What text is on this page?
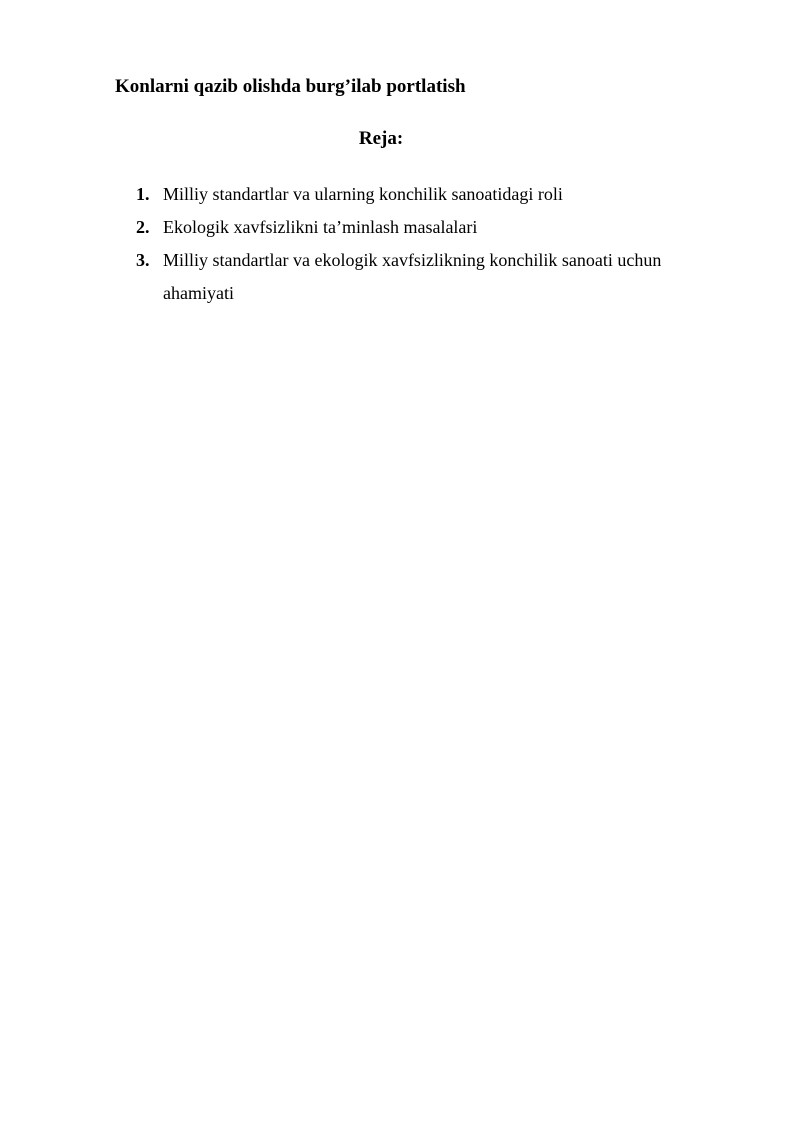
Konlarni qazib olishda burg’ilab portlatish
Reja:
1. Milliy standartlar va ularning konchilik sanoatidagi roli
2. Ekologik xavfsizlikni ta’minlash masalalari
3. Milliy standartlar va ekologik xavfsizlikning konchilik sanoati uchun ahamiyati
